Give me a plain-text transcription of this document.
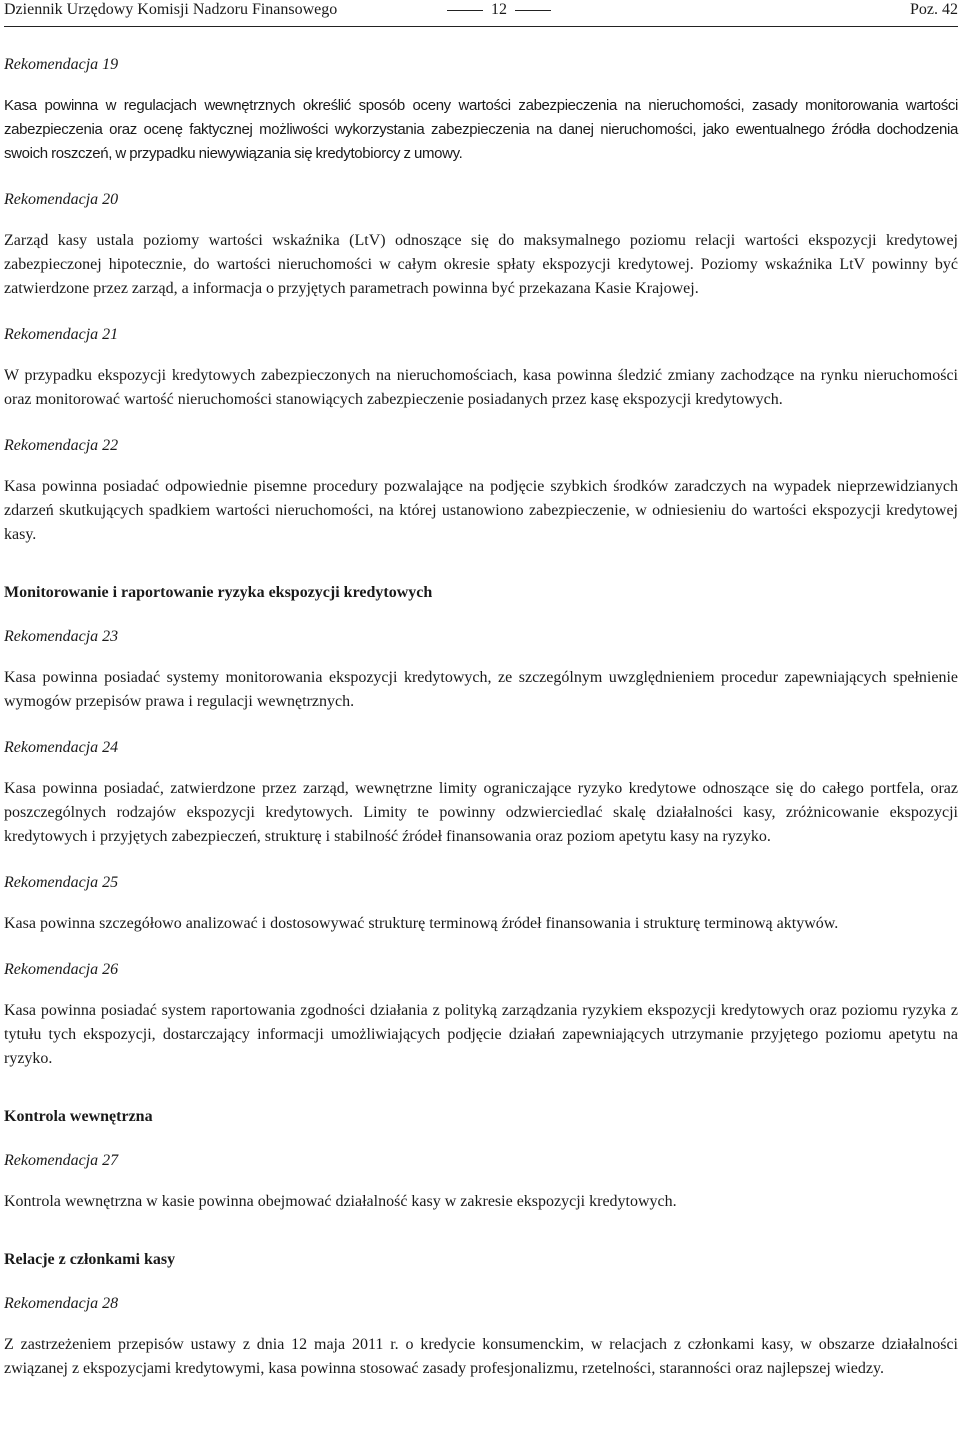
Dziennik Urzędowy Komisji Nadzoru Finansowego	12	Poz. 42
Rekomendacja 19

Kasa powinna w regulacjach wewnętrznych określić sposób oceny wartości zabezpieczenia na nieruchomości, zasady monitorowania wartości zabezpieczenia oraz ocenę faktycznej możliwości wykorzystania zabezpieczenia na danej nieruchomości, jako ewentualnego źródła dochodzenia swoich roszczeń, w przypadku niewywiązania się kredytobiorcy z umowy.

Rekomendacja 20

Zarząd kasy ustala poziomy wartości wskaźnika (LtV) odnoszące się do maksymalnego poziomu relacji wartości ekspozycji kredytowej zabezpieczonej hipotecznie, do wartości nieruchomości w całym okresie spłaty ekspozycji kredytowej. Poziomy wskaźnika LtV powinny być zatwierdzone przez zarząd, a informacja o przyjętych parametrach powinna być przekazana Kasie Krajowej.

Rekomendacja 21

W przypadku ekspozycji kredytowych zabezpieczonych na nieruchomościach, kasa powinna śledzić zmiany zachodzące na rynku nieruchomości oraz monitorować wartość nieruchomości stanowiących zabezpieczenie posiadanych przez kasę ekspozycji kredytowych.

Rekomendacja 22

Kasa powinna posiadać odpowiednie pisemne procedury pozwalające na podjęcie szybkich środków zaradczych na wypadek nieprzewidzianych zdarzeń skutkujących spadkiem wartości nieruchomości, na której ustanowiono zabezpieczenie, w odniesieniu do wartości ekspozycji kredytowej kasy.

Monitorowanie i raportowanie ryzyka ekspozycji kredytowych
Rekomendacja 23

Kasa powinna posiadać systemy monitorowania ekspozycji kredytowych, ze szczególnym uwzględnieniem procedur zapewniających spełnienie wymogów przepisów prawa i regulacji wewnętrznych.

Rekomendacja 24

Kasa powinna posiadać, zatwierdzone przez zarząd, wewnętrzne limity ograniczające ryzyko kredytowe odnoszące się do całego portfela, oraz poszczególnych rodzajów ekspozycji kredytowych. Limity te powinny odzwierciedlać skalę działalności kasy, zróżnicowanie ekspozycji kredytowych i przyjętych zabezpieczeń, strukturę i stabilność źródeł finansowania oraz poziom apetytu kasy na ryzyko.

Rekomendacja 25

Kasa powinna szczegółowo analizować i dostosowywać strukturę terminową źródeł finansowania i strukturę terminową aktywów.

Rekomendacja 26

Kasa powinna posiadać system raportowania zgodności działania z polityką zarządzania ryzykiem ekspozycji kredytowych oraz poziomu ryzyka z tytułu tych ekspozycji, dostarczający informacji umożliwiających podjęcie działań zapewniających utrzymanie przyjętego poziomu apetytu na ryzyko.

Kontrola wewnętrzna
Rekomendacja 27

Kontrola wewnętrzna w kasie powinna obejmować działalność kasy w zakresie ekspozycji kredytowych.

Relacje z członkami kasy
Rekomendacja 28

Z zastrzeżeniem przepisów ustawy z dnia 12 maja 2011 r. o kredycie konsumenckim, w relacjach z członkami kasy, w obszarze działalności związanej z ekspozycjami kredytowymi, kasa powinna stosować zasady profesjonalizmu, rzetelności, staranności oraz najlepszej wiedzy.
